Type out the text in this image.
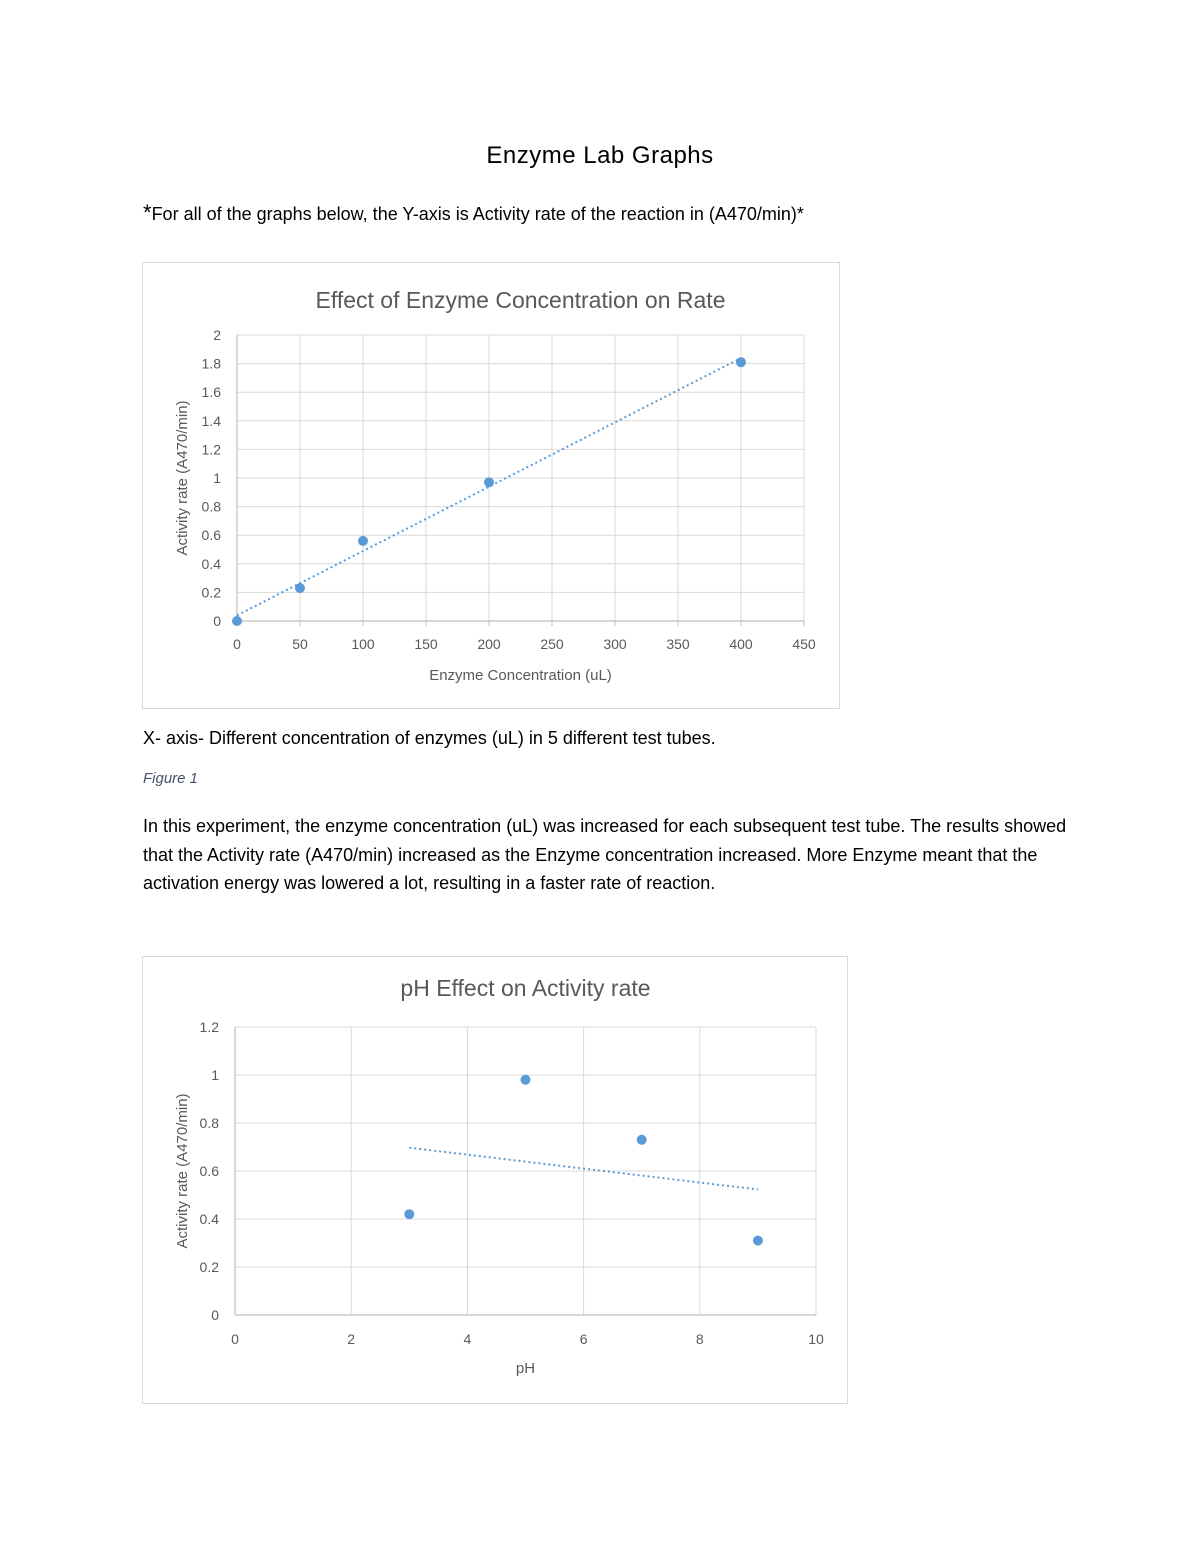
Enzyme Lab Graphs
*For all of the graphs below, the Y-axis is Activity rate of the reaction in (A470/min)*
Effect of Enzyme Concentration on Rate
0
0.2
0.4
0.6
0.8
1
1.2
1.4
1.6
1.8
2
0	50	100	150	200	250	300	350	400	450
Enzyme Concentration (uL)
Activity rate (A470/min)
X- axis- Different concentration of enzymes (uL) in 5 different test tubes.
Figure 1
In this experiment, the enzyme concentration (uL) was increased for each subsequent test tube. The results showed that the Activity rate (A470/min) increased as the Enzyme concentration increased. More Enzyme meant that the activation energy was lowered a lot, resulting in a faster rate of reaction.
pH Effect on Activity rate
0
0.2
0.4
0.6
0.8
1
1.2
0	2	4	6	8	10
pH
Activity rate (A470/min)
